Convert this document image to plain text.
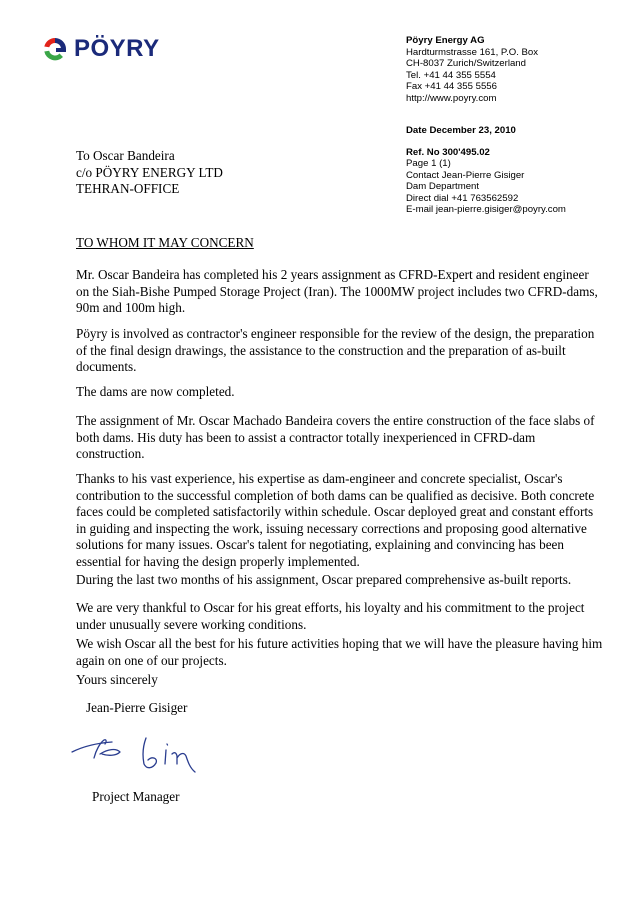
PÖYRY	Pöyry Energy AG
Hardturmstrasse 161, P.O. Box
CH-8037 Zurich/Switzerland
Tel. +41 44 355 5554
Fax +41 44 355 5556
http://www.poyry.com
Date December 23, 2010
Ref. No 300'495.02
Page 1 (1)
Contact Jean-Pierre Gisiger
Dam Department
Direct dial +41 763562592
E-mail jean-pierre.gisiger@poyry.com
To Oscar Bandeira
c/o PÖYRY ENERGY LTD
TEHRAN-OFFICE
TO WHOM IT MAY CONCERN
Mr. Oscar Bandeira has completed his 2 years assignment as CFRD-Expert and resident engineer
on the Siah-Bishe Pumped Storage Project (Iran). The 1000MW project includes two CFRD-dams,
90m and 100m high.
Pöyry is involved as contractor's engineer responsible for the review of the design, the preparation
of the final design drawings, the assistance to the construction and the preparation of as-built
documents.
The dams are now completed.
The assignment of Mr. Oscar Machado Bandeira covers the entire construction of the face slabs of
both dams. His duty has been to assist a contractor totally inexperienced in CFRD-dam
construction.
Thanks to his vast experience, his expertise as dam-engineer and concrete specialist, Oscar's
contribution to the successful completion of both dams can be qualified as decisive. Both concrete
faces could be completed satisfactorily within schedule. Oscar deployed great and constant efforts
in guiding and inspecting the work, issuing necessary corrections and proposing good alternative
solutions for many issues. Oscar's talent for negotiating, explaining and convincing has been
essential for having the design properly implemented.
During the last two months of his assignment, Oscar prepared comprehensive as-built reports.
We are very thankful to Oscar for his great efforts, his loyalty and his commitment to the project
under unusually severe working conditions.
We wish Oscar all the best for his future activities hoping that we will have the pleasure having him
again on one of our projects.
Yours sincerely
Jean-Pierre Gisiger
Project Manager
